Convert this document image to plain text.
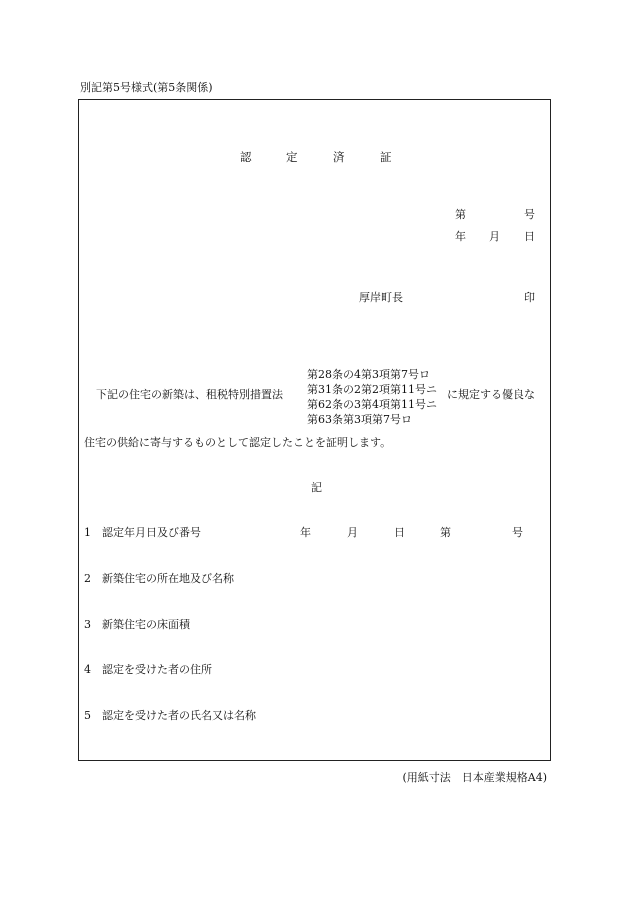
別記第5号様式(第5条関係)
認	定	済	証
第	号
年 月 日
厚岸町長	印
下記の住宅の新築は、租税特別措置法
第28条の4第3項第7号ロ
第31条の2第2項第11号ニ
第62条の3第4項第11号ニ
第63条第3項第7号ロ
に規定する優良な
住宅の供給に寄与するものとして認定したことを証明します。
記
1 認定年月日及び番号	年	月	日	第	号
2 新築住宅の所在地及び名称
3 新築住宅の床面積
4 認定を受けた者の住所
5 認定を受けた者の氏名又は名称
(用紙寸法　日本産業規格A4)
